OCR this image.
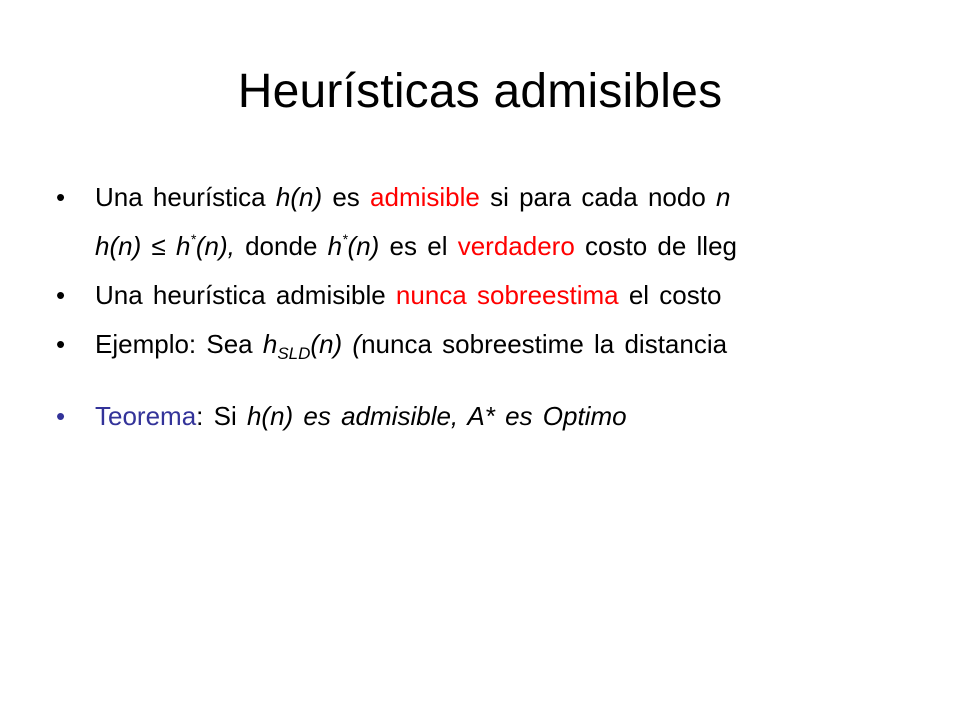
Heurísticas admisibles
• Una heurística h(n) es admisible si para cada nodo n
h(n) ≤ h*(n), donde h*(n) es el verdadero costo de lleg
• Una heurística admisible nunca sobreestima el costo
• Ejemplo: Sea $h_{SLD}(n)$ (nunca sobreestime la distancia
• Teorema: Si h(n) es admisible, A* es Optimo
